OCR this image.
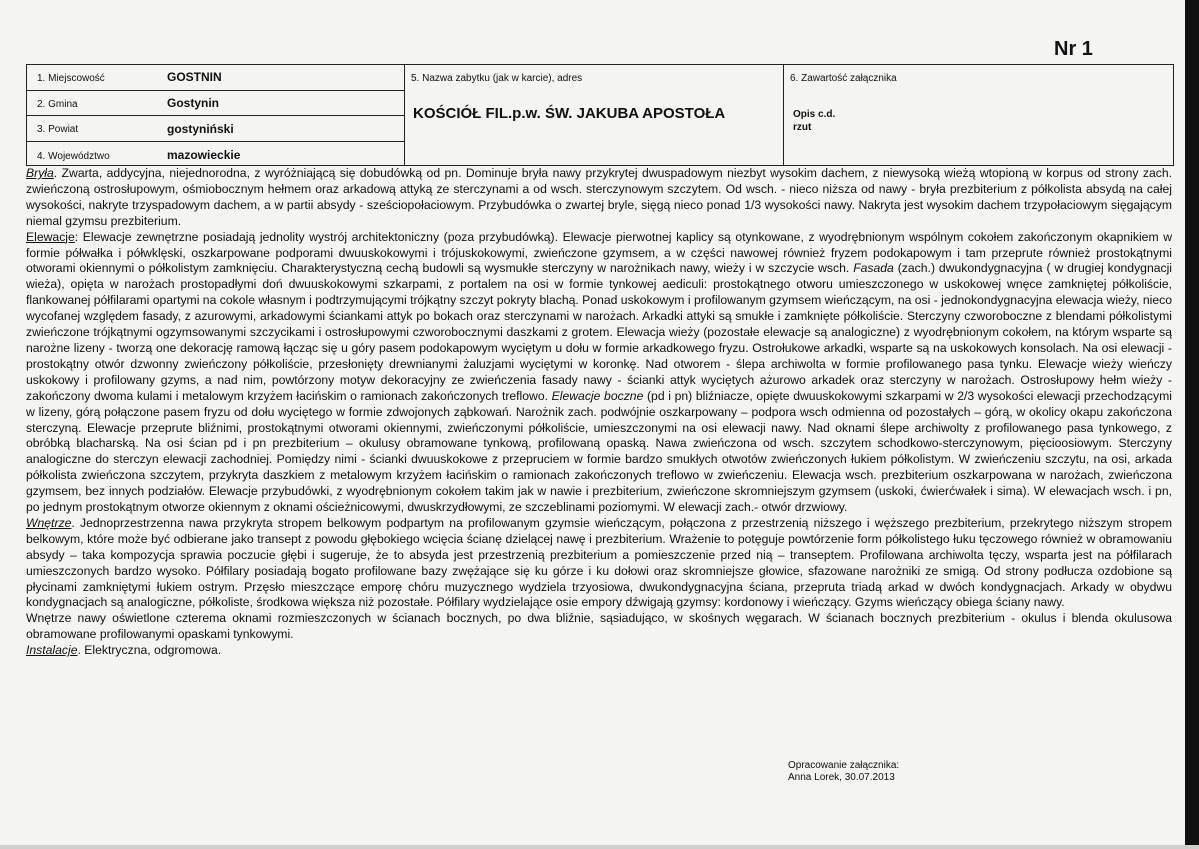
Nr 1
1. Miejscowość	GOSTNIN
2. Gmina	Gostynin
3. Powiat	gostyniński
4. Województwo	mazowieckie
5. Nazwa zabytku (jak w karcie), adres
KOŚCIÓŁ FIL.p.w. ŚW. JAKUBA APOSTOŁA
6. Zawartość załącznika
Opis c.d.
rzut

Bryła. Zwarta, addycyjna, niejednorodna, z wyróżniającą się dobudówką od pn. Dominuje bryła nawy przykrytej dwuspadowym niezbyt wysokim dachem, z niewysoką wieżą wtopioną w korpus od strony zach. zwieńczoną ostrosłupowym, ośmiobocznym hełmem oraz arkadową attyką ze sterczynami a od wsch. sterczynowym szczytem. Od wsch. - nieco niższa od nawy - bryła prezbiterium z półkolista absydą na całej wysokości, nakryte trzyspadowym dachem, a w partii absydy - sześciopołaciowym. Przybudówka o zwartej bryle, sięgą nieco ponad 1/3 wysokości nawy. Nakryta jest wysokim dachem trzypołaciowym sięgającym niemal gzymsu prezbiterium.

Elewacje: Elewacje zewnętrzne posiadają jednolity wystrój architektoniczny (poza przybudówką). Elewacje pierwotnej kaplicy są otynkowane, z wyodrębnionym wspólnym cokołem zakończonym okapnikiem w formie półwałka i półwklęski, oszkarpowane podporami dwuuskokowymi i trójuskokowymi, zwieńczone gzymsem, a w części nawowej również fryzem podokapowym i tam przeprute również prostokątnymi otworami okiennymi o półkolistym zamknięciu. Charakterystyczną cechą budowli są wysmukłe sterczyny w narożnikach nawy, wieży i w szczycie wsch. Fasada (zach.) dwukondygnacyjna ( w drugiej kondygnacji wieża), opięta w narożach prostopadłymi doń dwuuskokowymi szkarpami, z portalem na osi w formie tynkowej aediculi: prostokątnego otworu umieszczonego w uskokowej wnęce zamkniętej półkoliście, flankowanej półfilarami opartymi na cokole własnym i podtrzymującymi trójkątny szczyt pokryty blachą. Ponad uskokowym i profilowanym gzymsem wieńczącym, na osi - jednokondygnacyjna elewacja wieży, nieco wycofanej względem fasady, z azurowymi, arkadowymi ściankami attyk po bokach oraz sterczynami w narożach. Arkadki attyki są smukłe i zamknięte półkoliście. Sterczyny czworoboczne z blendami półkolistymi zwieńczone trójkątnymi ogzymsowanymi szczycikami i ostrosłupowymi czworobocznymi daszkami z grotem. Elewacja wieży (pozostałe elewacje są analogiczne) z wyodrębnionym cokołem, na którym wsparte są narożne lizeny - tworzą one dekorację ramową łącząc się u góry pasem podokapowym wyciętym u dołu w formie arkadkowego fryzu. Ostrołukowe arkadki, wsparte są na uskokowych konsolach. Na osi elewacji - prostokątny otwór dzwonny zwieńczony półkoliście, przesłonięty drewnianymi żaluzjami wyciętymi w koronkę. Nad otworem - ślepa archiwolta w formie profilowanego pasa tynku. Elewacje wieży wieńczy uskokowy i profilowany gzyms, a nad nim, powtórzony motyw dekoracyjny ze zwieńczenia fasady nawy - ścianki attyk wyciętych ażurowo arkadek oraz sterczyny w narożach. Ostrosłupowy hełm wieży - zakończony dwoma kulami i metalowym krzyżem łacińskim o ramionach zakończonych treflowo. Elewacje boczne (pd i pn) bliźniacze, opięte dwuuskokowymi szkarpami w 2/3 wysokości elewacji przechodzącymi w lizeny, górą połączone pasem fryzu od dołu wyciętego w formie zdwojonych ząbkowań. Narożnik zach. podwójnie oszkarpowany – podpora wsch odmienna od pozostałych – górą, w okolicy okapu zakończona sterczyną. Elewacje przeprute bliźnimi, prostokątnymi otworami okiennymi, zwieńczonymi półkoliście, umieszczonymi na osi elewacji nawy. Nad oknami ślepe archiwolty z profilowanego pasa tynkowego, z obróbką blacharską. Na osi ścian pd i pn prezbiterium – okulusy obramowane tynkową, profilowaną opaską. Nawa zwieńczona od wsch. szczytem schodkowo-sterczynowym, pięcioosiowym. Sterczyny analogiczne do sterczyn elewacji zachodniej. Pomiędzy nimi - ścianki dwuuskokowe z przepruciem w formie bardzo smukłych otwotów zwieńczonych łukiem półkolistym. W zwieńczeniu szczytu, na osi, arkada półkolista zwieńczona szczytem, przykryta daszkiem z metalowym krzyżem łacińskim o ramionach zakończonych treflowo w zwieńczeniu. Elewacja wsch. prezbiterium oszkarpowana w narożach, zwieńczona gzymsem, bez innych podziałów. Elewacje przybudówki, z wyodrębnionym cokołem takim jak w nawie i prezbiterium, zwieńczone skromniejszym gzymsem (uskoki, ćwierćwałek i sima). W elewacjach wsch. i pn, po jednym prostokątnym otworze okiennym z oknami ościeżnicowymi, dwuskrzydłowymi, ze szczeblinami poziomymi. W elewacji zach.- otwór drzwiowy.

Wnętrze. Jednoprzestrzenna nawa przykryta stropem belkowym podpartym na profilowanym gzymsie wieńczącym, połączona z przestrzenią niższego i węższego prezbiterium, przekrytego niższym stropem belkowym, które może być odbierane jako transept z powodu głębokiego wcięcia ścianę dzielącej nawę i prezbiterium. Wrażenie to potęguje powtórzenie form półkolistego łuku tęczowego również w obramowaniu absydy – taka kompozycja sprawia poczucie głębi i sugeruje, że to absyda jest przestrzenią prezbiterium a pomieszczenie przed nią – transeptem. Profilowana archiwolta tęczy, wsparta jest na półfilarach umieszczonych bardzo wysoko. Półfilary posiadają bogato profilowane bazy zwężające się ku górze i ku dołowi oraz skromniejsze głowice, sfazowane narożniki ze smigą. Od strony podłucza ozdobione są płycinami zamkniętymi łukiem ostrym. Przęsło mieszczące emporę chóru muzycznego wydziela trzyosiowa, dwukondygnacyjna ściana, przepruta triadą arkad w dwóch kondygnacjach. Arkady w obydwu kondygnacjach są analogiczne, półkoliste, środkowa większa niż pozostałe. Półfilary wydzielające osie empory dźwigają gzymsy: kordonowy i wieńczący. Gzyms wieńczący obiega ściany nawy.

Wnętrze nawy oświetlone czterema oknami rozmieszczonych w ścianach bocznych, po dwa bliźnie, sąsiadująco, w skośnych węgarach. W ścianach bocznych prezbiterium - okulus i blenda okulusowa obramowane profilowanymi opaskami tynkowymi.

Instalacje. Elektryczna, odgromowa.

Opracowanie załącznika:
Anna Lorek, 30.07.2013
